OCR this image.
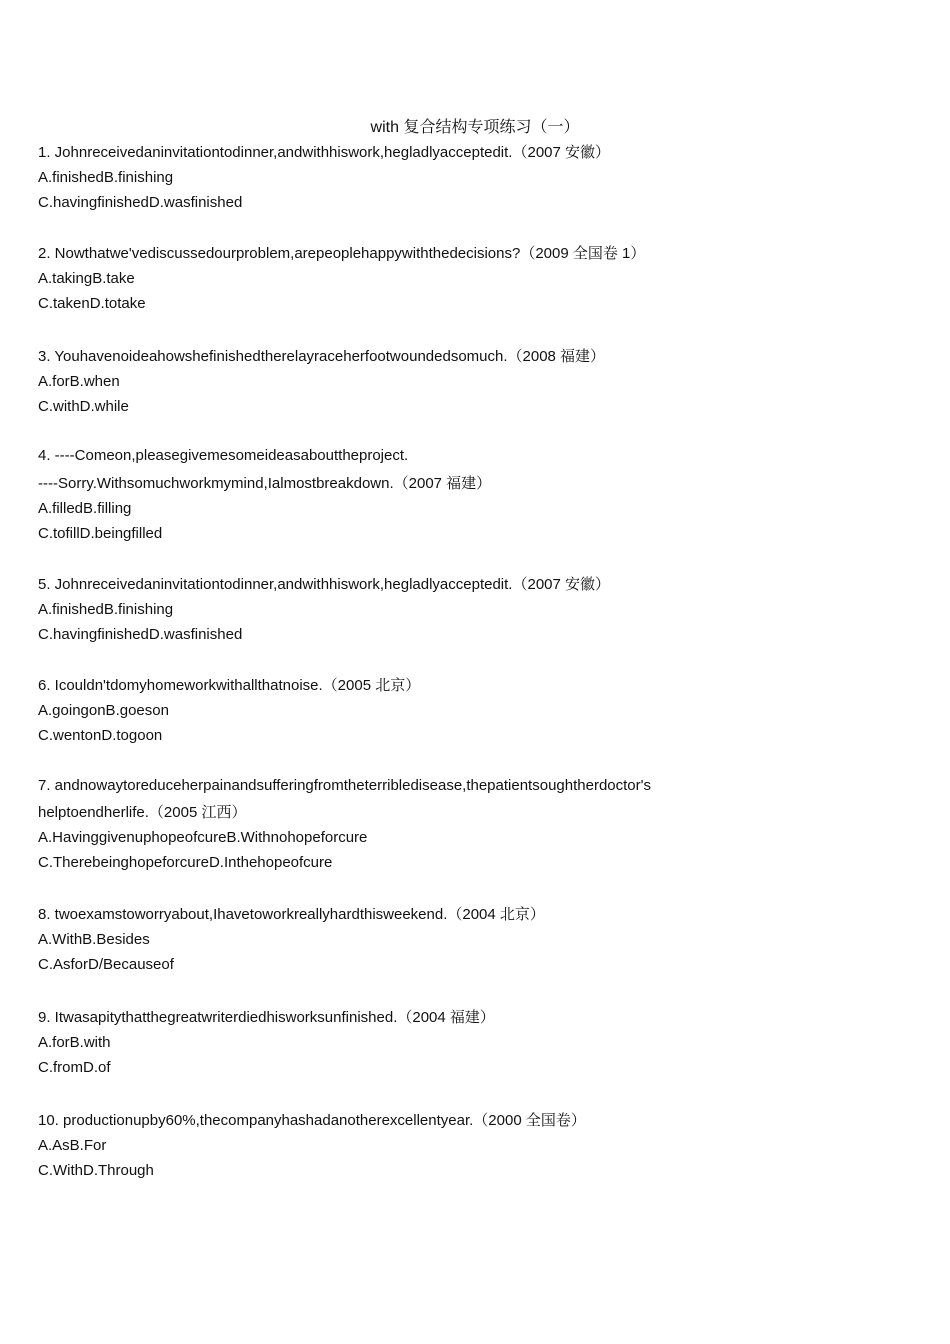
with 复合结构专项练习（一）
1. Johnreceivedaninvitationtodinner,andwithhiswork,hegladlyacceptedit.（2007 安徽）
A.finishedB.finishing
C.havingfinishedD.wasfinished
2. Nowthatwe'vediscussedourproblem,arepeoplehappywiththedecisions?（2009 全国卷 1）
A.takingB.take
C.takenD.totake
3. Youhavenoideahowshefinishedtherelayraceherfootwoundedsomuch.（2008 福建）
A.forB.when
C.withD.while
4. ----Comeon,pleasegivemesomeideasabouttheproject.
----Sorry.Withsomuchworkmymind,Ialmostbreakdown.（2007 福建）
A.filledB.filling
C.tofillD.beingfilled
5. Johnreceivedaninvitationtodinner,andwithhiswork,hegladlyacceptedit.（2007 安徽）
A.finishedB.finishing
C.havingfinishedD.wasfinished
6. Icouldn'tdomyhomeworkwithallthatnoise.（2005 北京）
A.goingonB.goeson
C.wentonD.togoon
7. andnowaytoreduceherpainandsufferingfromtheterribledisease,thepatientsoughtherdoctor's
helptoendherlife.（2005 江西）
A.HavinggivenuphopeofcureB.Withnohopeforcure
C.TherebeinghopeforcureD.Inthehopeofcure
8. twoexamstoworryabout,Ihavetoworkreallyhardthisweekend.（2004 北京）
A.WithB.Besides
C.AsforD/Becauseof
9. Itwasapitythatthegreatwriterdiedhisworksunfinished.（2004 福建）
A.forB.with
C.fromD.of
10. productionupby60%,thecompanyhashadanotherexcellentyear.（2000 全国卷）
A.AsB.For
C.WithD.Through
